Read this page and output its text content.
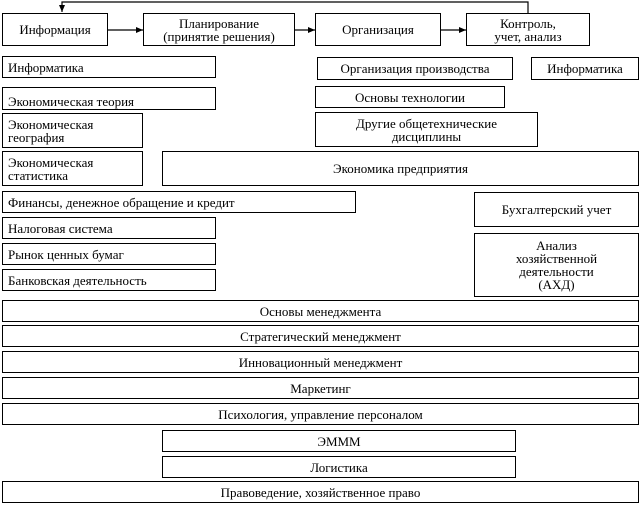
Информация	Планирование
(принятие решения)	Организация	Контроль,
учет, анализ
Информатика
Экономическая теория
Экономическая
география
Экономическая
статистика
Финансы, денежное обращение и кредит
Налоговая система
Рынок ценных бумаг
Банковская деятельность
Организация производства	Информатика
Основы технологии
Другие общетехнические
дисциплины
Экономика предприятия
Бухгалтерский учет
Анализ
хозяйственной
деятельности
(АХД)
Основы менеджмента
Стратегический менеджмент
Инновационный менеджмент
Маркетинг
Психология, управление персоналом
ЭММM
Логистика
Правоведение, хозяйственное право
